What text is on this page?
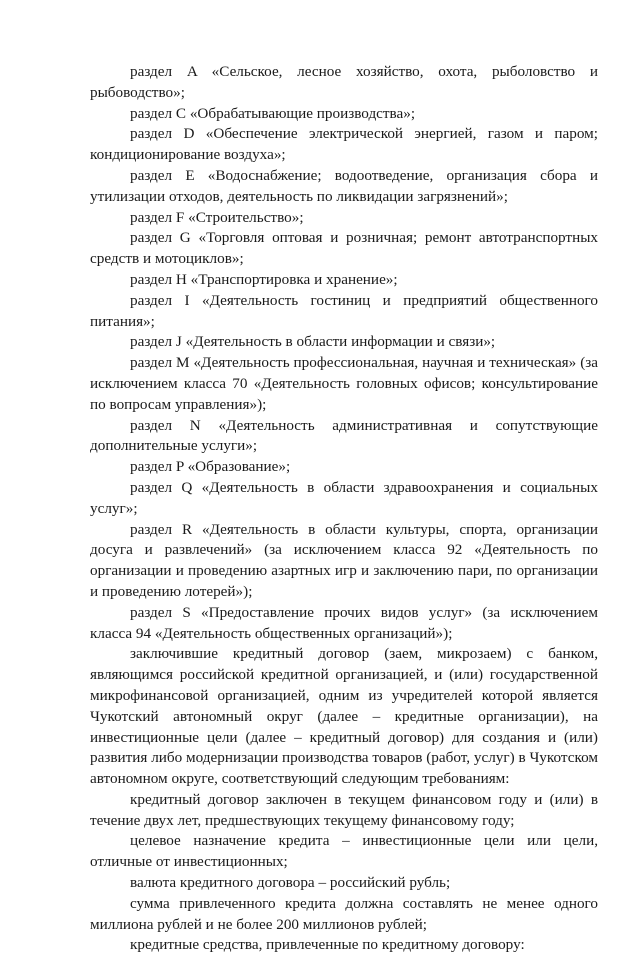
раздел A «Сельское, лесное хозяйство, охота, рыболовство и рыбоводство»;

раздел C «Обрабатывающие производства»;

раздел D «Обеспечение электрической энергией, газом и паром; кондиционирование воздуха»;

раздел E «Водоснабжение; водоотведение, организация сбора и утилизации отходов, деятельность по ликвидации загрязнений»;

раздел F «Строительство»;

раздел G «Торговля оптовая и розничная; ремонт автотранспортных средств и мотоциклов»;

раздел H «Транспортировка и хранение»;

раздел I «Деятельность гостиниц и предприятий общественного питания»;

раздел J «Деятельность в области информации и связи»;

раздел M «Деятельность профессиональная, научная и техническая» (за исключением класса 70 «Деятельность головных офисов; консультирование по вопросам управления»);

раздел N «Деятельность административная и сопутствующие дополнительные услуги»;

раздел P «Образование»;

раздел Q «Деятельность в области здравоохранения и социальных услуг»;

раздел R «Деятельность в области культуры, спорта, организации досуга и развлечений» (за исключением класса 92 «Деятельность по организации и проведению азартных игр и заключению пари, по организации и проведению лотерей»);

раздел S «Предоставление прочих видов услуг» (за исключением класса 94 «Деятельность общественных организаций»);

заключившие кредитный договор (заем, микрозаем) с банком, являющимся российской кредитной организацией, и (или) государственной микрофинансовой организацией, одним из учредителей которой является Чукотский автономный округ (далее – кредитные организации), на инвестиционные цели (далее – кредитный договор) для создания и (или) развития либо модернизации производства товаров (работ, услуг) в Чукотском автономном округе, соответствующий следующим требованиям:

кредитный договор заключен в текущем финансовом году и (или) в течение двух лет, предшествующих текущему финансовому году;

целевое назначение кредита – инвестиционные цели или цели, отличные от инвестиционных;

валюта кредитного договора – российский рубль;

сумма привлеченного кредита должна составлять не менее одного миллиона рублей и не более 200 миллионов рублей;

кредитные средства, привлеченные по кредитному договору:
